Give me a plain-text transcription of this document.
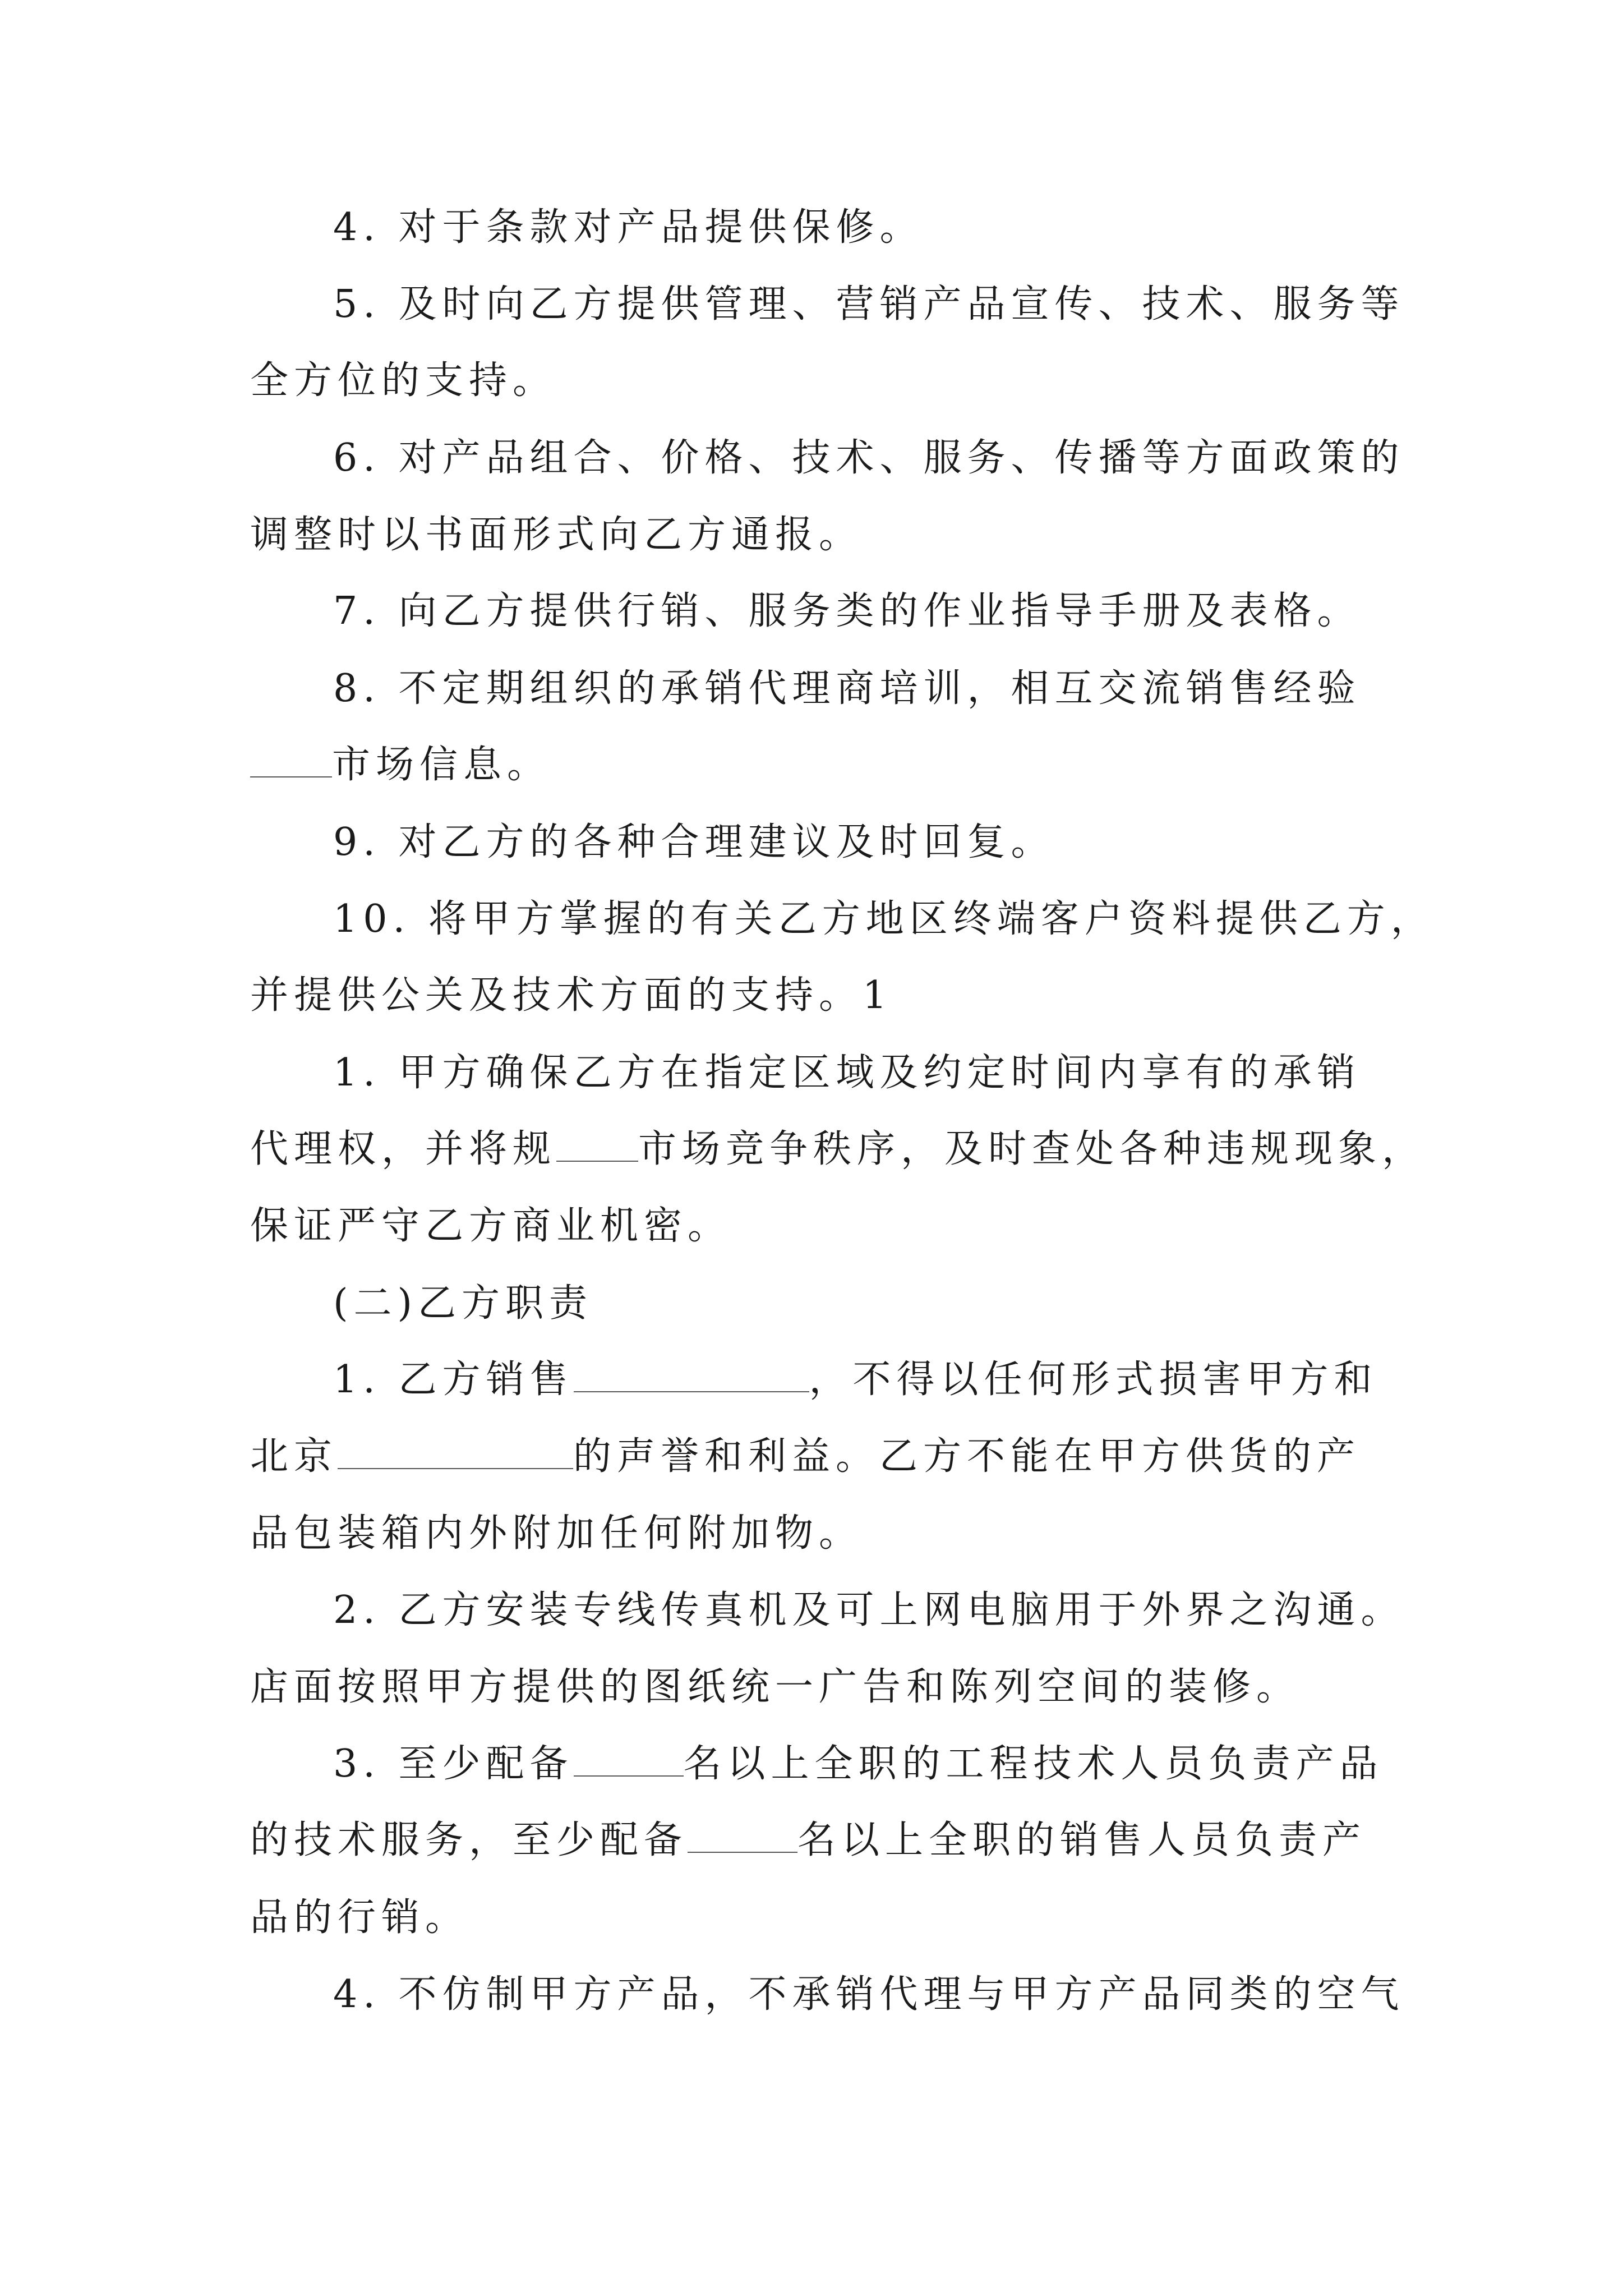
4. 对于条款对产品提供保修。
5. 及时向乙方提供管理、营销产品宣传、技术、服务等
全方位的支持。
6. 对产品组合、价格、技术、服务、传播等方面政策的
调整时以书面形式向乙方通报。
7. 向乙方提供行销、服务类的作业指导手册及表格。
8. 不定期组织的承销代理商培训，相互交流销售经验
市场信息。
9. 对乙方的各种合理建议及时回复。
10. 将甲方掌握的有关乙方地区终端客户资料提供乙方，
并提供公关及技术方面的支持。1
1. 甲方确保乙方在指定区域及约定时间内享有的承销
代理权，并将规 市场竞争秩序，及时查处各种违规现象，
保证严守乙方商业机密。
(二)乙方职责
1. 乙方销售	，不得以任何形式损害甲方和
北京	的声誉和利益。乙方不能在甲方供货的产
品包装箱内外附加任何附加物。
2. 乙方安装专线传真机及可上网电脑用于外界之沟通。
店面按照甲方提供的图纸统一广告和陈列空间的装修。
3. 至少配备	名以上全职的工程技术人员负责产品
的技术服务，至少配备	名以上全职的销售人员负责产
品的行销。
4. 不仿制甲方产品，不承销代理与甲方产品同类的空气
